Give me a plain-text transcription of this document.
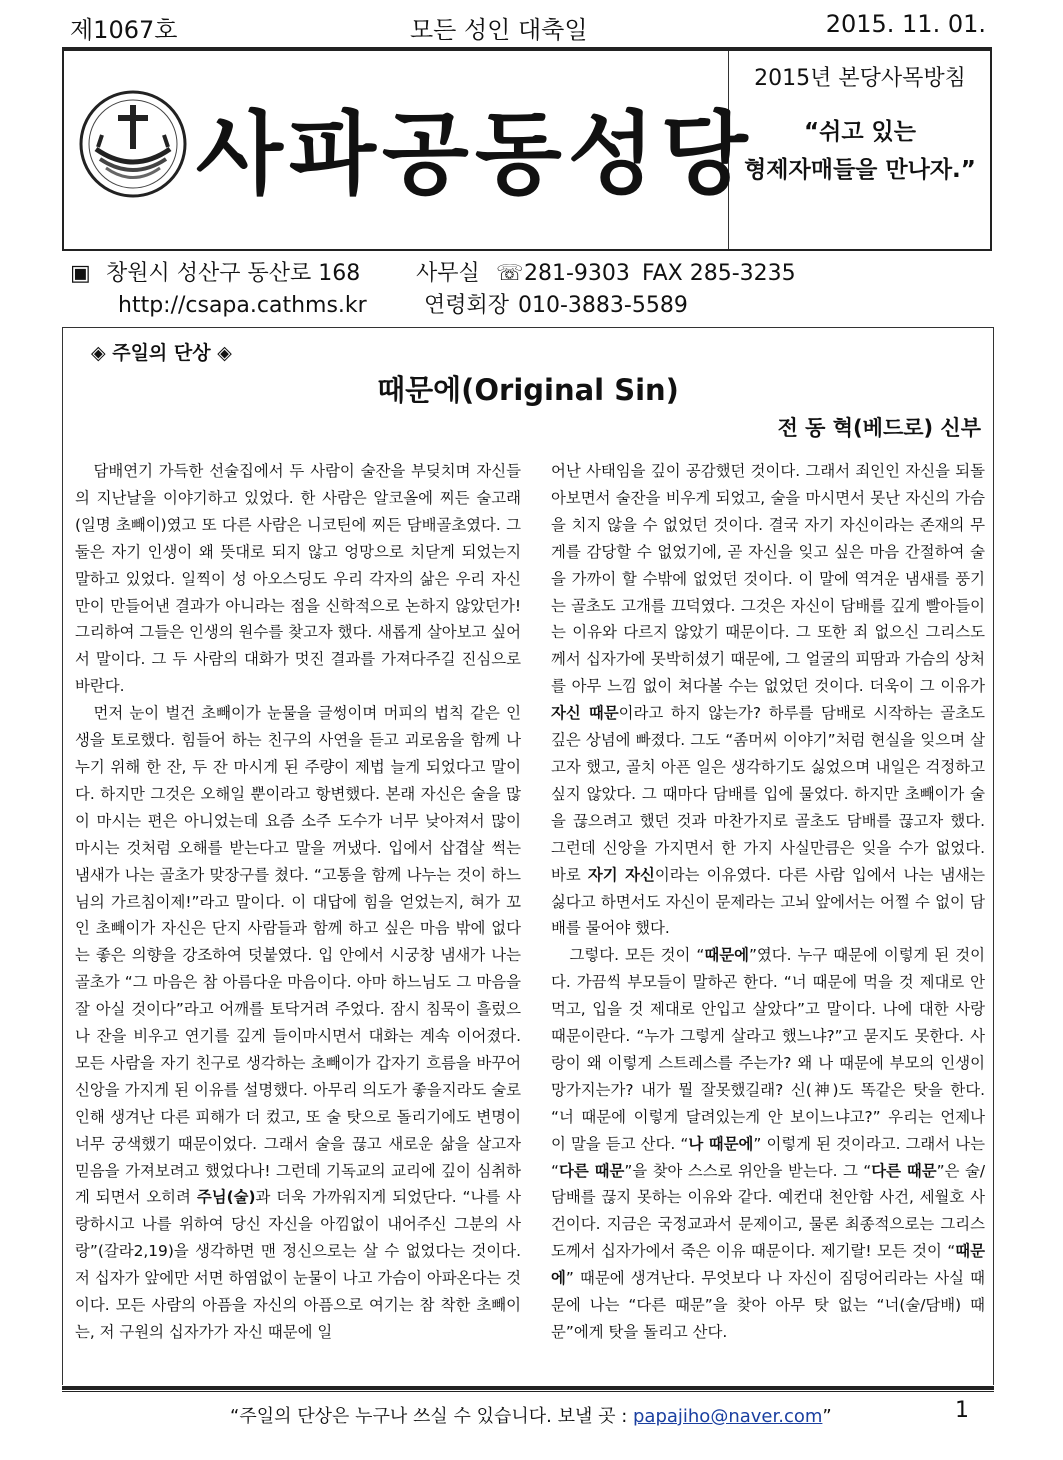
제1067호	모든 성인 대축일	2015. 11. 01.
사파공동성당
2015년 본당사목방침
“쉬고 있는
형제자매들을 만나자.”
▣ 창원시 성산구 동산로 168	사무실 ☏ 281-9303 FAX 285-3235
http://csapa.cathms.kr	연령회장 010-3883-5589
◈ 주일의 단상 ◈
때문에(Original Sin)
전 동 혁(베드로) 신부

담배연기 가득한 선술집에서 두 사람이 술잔을 부딪치며 자신들의 지난날을 이야기하고 있었다. 한 사람은 알코올에 찌든 술고래(일명 초빼이)였고 또 다른 사람은 니코틴에 찌든 담배골초였다. 그 둘은 자기 인생이 왜 뜻대로 되지 않고 엉망으로 치닫게 되었는지 말하고 있었다. 일찍이 성 아오스딩도 우리 각자의 삶은 우리 자신만이 만들어낸 결과가 아니라는 점을 신학적으로 논하지 않았던가! 그리하여 그들은 인생의 원수를 찾고자 했다. 새롭게 살아보고 싶어서 말이다. 그 두 사람의 대화가 멋진 결과를 가져다주길 진심으로 바란다.

먼저 눈이 벌건 초빼이가 눈물을 글썽이며 머피의 법칙 같은 인생을 토로했다. 힘들어 하는 친구의 사연을 듣고 괴로움을 함께 나누기 위해 한 잔, 두 잔 마시게 된 주량이 제법 늘게 되었다고 말이다. 하지만 그것은 오해일 뿐이라고 항변했다. 본래 자신은 술을 많이 마시는 편은 아니었는데 요즘 소주 도수가 너무 낮아져서 많이 마시는 것처럼 오해를 받는다고 말을 꺼냈다. 입에서 삽겹살 썩는 냄새가 나는 골초가 맞장구를 쳤다. “고통을 함께 나누는 것이 하느님의 가르침이제!”라고 말이다. 이 대답에 힘을 얻었는지, 혀가 꼬인 초빼이가 자신은 단지 사람들과 함께 하고 싶은 마음 밖에 없다는 좋은 의향을 강조하여 덧붙였다. 입 안에서 시궁창 냄새가 나는 골초가 “그 마음은 참 아름다운 마음이다. 아마 하느님도 그 마음을 잘 아실 것이다”라고 어깨를 토닥거려 주었다. 잠시 침묵이 흘렀으나 잔을 비우고 연기를 깊게 들이마시면서 대화는 계속 이어졌다. 모든 사람을 자기 친구로 생각하는 초빼이가 갑자기 흐름을 바꾸어 신앙을 가지게 된 이유를 설명했다. 아무리 의도가 좋을지라도 술로 인해 생겨난 다른 피해가 더 컸고, 또 술 탓으로 돌리기에도 변명이 너무 궁색했기 때문이었다. 그래서 술을 끊고 새로운 삶을 살고자 믿음을 가져보려고 했었다나! 그런데 기독교의 교리에 깊이 심취하게 되면서 오히려 주님(술)과 더욱 가까워지게 되었단다. “나를 사랑하시고 나를 위하여 당신 자신을 아낌없이 내어주신 그분의 사랑”(갈라2,19)을 생각하면 맨 정신으로는 살 수 없었다는 것이다. 저 십자가 앞에만 서면 하염없이 눈물이 나고 가슴이 아파온다는 것이다. 모든 사람의 아픔을 자신의 아픔으로 여기는 참 착한 초빼이는, 저 구원의 십자가가 자신 때문에 일

어난 사태임을 깊이 공감했던 것이다. 그래서 죄인인 자신을 되돌아보면서 술잔을 비우게 되었고, 술을 마시면서 못난 자신의 가슴을 치지 않을 수 없었던 것이다. 결국 자기 자신이라는 존재의 무게를 감당할 수 없었기에, 곧 자신을 잊고 싶은 마음 간절하여 술을 가까이 할 수밖에 없었던 것이다. 이 말에 역겨운 냄새를 풍기는 골초도 고개를 끄덕였다. 그것은 자신이 담배를 깊게 빨아들이는 이유와 다르지 않았기 때문이다. 그 또한 죄 없으신 그리스도께서 십자가에 못박히셨기 때문에, 그 얼굴의 피땀과 가슴의 상처를 아무 느낌 없이 쳐다볼 수는 없었던 것이다. 더욱이 그 이유가 자신 때문이라고 하지 않는가? 하루를 담배로 시작하는 골초도 깊은 상념에 빠졌다. 그도 “좀머씨 이야기”처럼 현실을 잊으며 살고자 했고, 골치 아픈 일은 생각하기도 싫었으며 내일은 걱정하고 싶지 않았다. 그 때마다 담배를 입에 물었다. 하지만 초빼이가 술을 끊으려고 했던 것과 마찬가지로 골초도 담배를 끊고자 했다. 그런데 신앙을 가지면서 한 가지 사실만큼은 잊을 수가 없었다. 바로 자기 자신이라는 이유였다. 다른 사람 입에서 나는 냄새는 싫다고 하면서도 자신이 문제라는 고뇌 앞에서는 어쩔 수 없이 담배를 물어야 했다.

그렇다. 모든 것이 “때문에”였다. 누구 때문에 이렇게 된 것이다. 가끔씩 부모들이 말하곤 한다. “너 때문에 먹을 것 제대로 안먹고, 입을 것 제대로 안입고 살았다”고 말이다. 나에 대한 사랑 때문이란다. “누가 그렇게 살라고 했느냐?”고 묻지도 못한다. 사랑이 왜 이렇게 스트레스를 주는가? 왜 나 때문에 부모의 인생이 망가지는가? 내가 뭘 잘못했길래? 신(神)도 똑같은 탓을 한다. “너 때문에 이렇게 달려있는게 안 보이느냐고?” 우리는 언제나 이 말을 듣고 산다. “나 때문에” 이렇게 된 것이라고. 그래서 나는 “다른 때문”을 찾아 스스로 위안을 받는다. 그 “다른 때문”은 술/담배를 끊지 못하는 이유와 같다. 예컨대 천안함 사건, 세월호 사건이다. 지금은 국정교과서 문제이고, 물론 최종적으로는 그리스도께서 십자가에서 죽은 이유 때문이다. 제기랄! 모든 것이 “때문에” 때문에 생겨난다. 무엇보다 나 자신이 짐덩어리라는 사실 때문에 나는 “다른 때문”을 찾아 아무 탓 없는 “너(술/담배) 때문”에게 탓을 돌리고 산다.

“주일의 단상은 누구나 쓰실 수 있습니다. 보낼 곳 : papajiho@naver.com”	1
